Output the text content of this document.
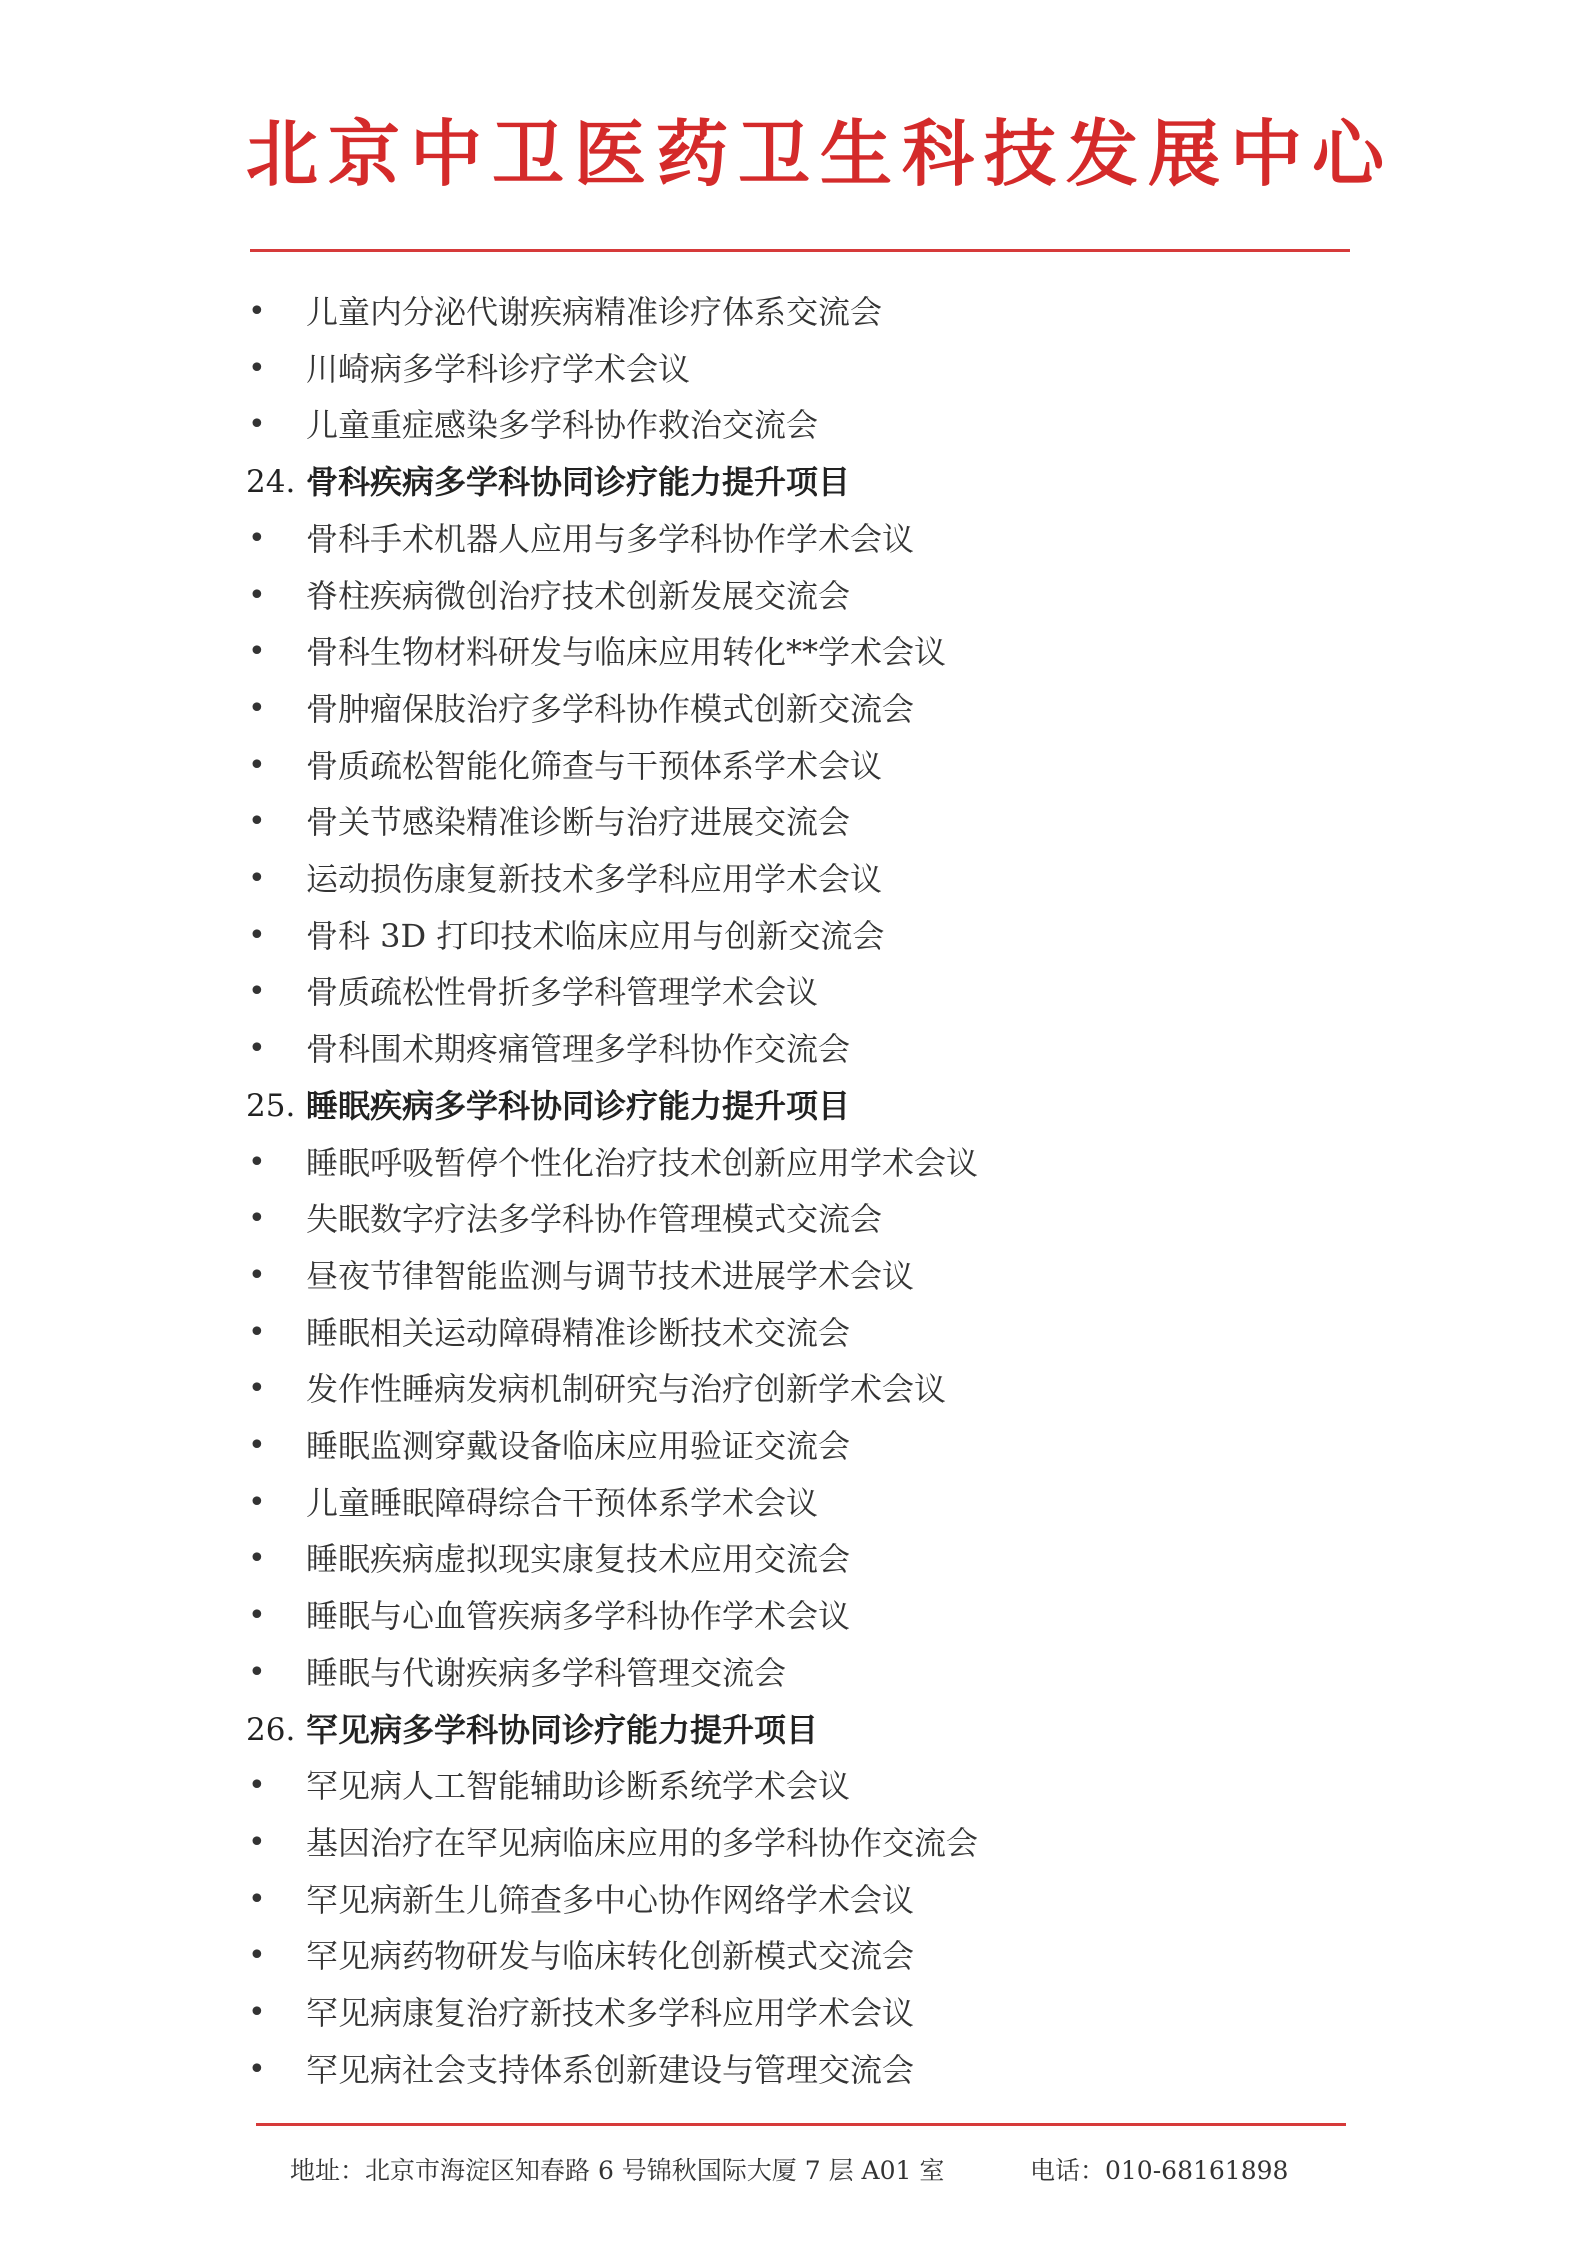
北京中卫医药卫生科技发展中心
• 儿童内分泌代谢疾病精准诊疗体系交流会
• 川崎病多学科诊疗学术会议
• 儿童重症感染多学科协作救治交流会
24. 骨科疾病多学科协同诊疗能力提升项目
• 骨科手术机器人应用与多学科协作学术会议
• 脊柱疾病微创治疗技术创新发展交流会
• 骨科生物材料研发与临床应用转化**学术会议
• 骨肿瘤保肢治疗多学科协作模式创新交流会
• 骨质疏松智能化筛查与干预体系学术会议
• 骨关节感染精准诊断与治疗进展交流会
• 运动损伤康复新技术多学科应用学术会议
• 骨科 3D 打印技术临床应用与创新交流会
• 骨质疏松性骨折多学科管理学术会议
• 骨科围术期疼痛管理多学科协作交流会
25. 睡眠疾病多学科协同诊疗能力提升项目
• 睡眠呼吸暂停个性化治疗技术创新应用学术会议
• 失眠数字疗法多学科协作管理模式交流会
• 昼夜节律智能监测与调节技术进展学术会议
• 睡眠相关运动障碍精准诊断技术交流会
• 发作性睡病发病机制研究与治疗创新学术会议
• 睡眠监测穿戴设备临床应用验证交流会
• 儿童睡眠障碍综合干预体系学术会议
• 睡眠疾病虚拟现实康复技术应用交流会
• 睡眠与心血管疾病多学科协作学术会议
• 睡眠与代谢疾病多学科管理交流会
26. 罕见病多学科协同诊疗能力提升项目
• 罕见病人工智能辅助诊断系统学术会议
• 基因治疗在罕见病临床应用的多学科协作交流会
• 罕见病新生儿筛查多中心协作网络学术会议
• 罕见病药物研发与临床转化创新模式交流会
• 罕见病康复治疗新技术多学科应用学术会议
• 罕见病社会支持体系创新建设与管理交流会
地址：北京市海淀区知春路 6 号锦秋国际大厦 7 层 A01 室	电话：010-68161898
